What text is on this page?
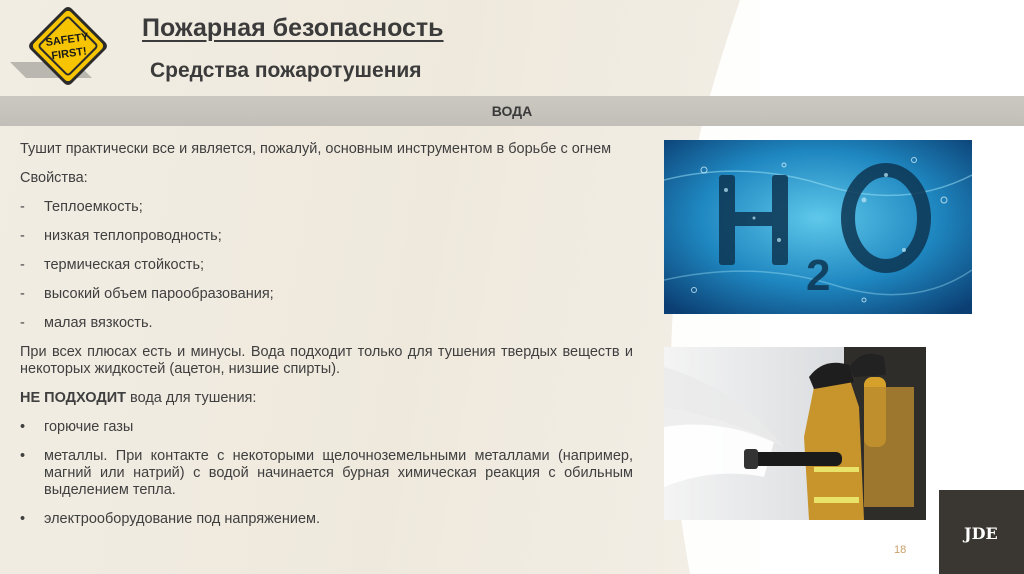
SAFETY
FIRST!
Пожарная безопасность
Средства пожаротушения
ВОДА

Тушит практически все и является, пожалуй, основным инструментом в борьбе с огнем

Свойства:

-	Теплоемкость;
-	низкая теплопроводность;
-	термическая стойкость;
-	высокий объем парообразования;
-	малая вязкость.

При всех плюсах есть и минусы. Вода подходит только для тушения твердых веществ и некоторых жидкостей (ацетон, низшие спирты).

НЕ ПОДХОДИТ вода для тушения:

•	горючие газы
•	металлы. При контакте с некоторыми щелочноземельными металлами (например, магний или натрий) с водой начинается бурная химическая реакция с обильным выделением тепла.
•	электрооборудование под напряжением.
2
JDE
18
